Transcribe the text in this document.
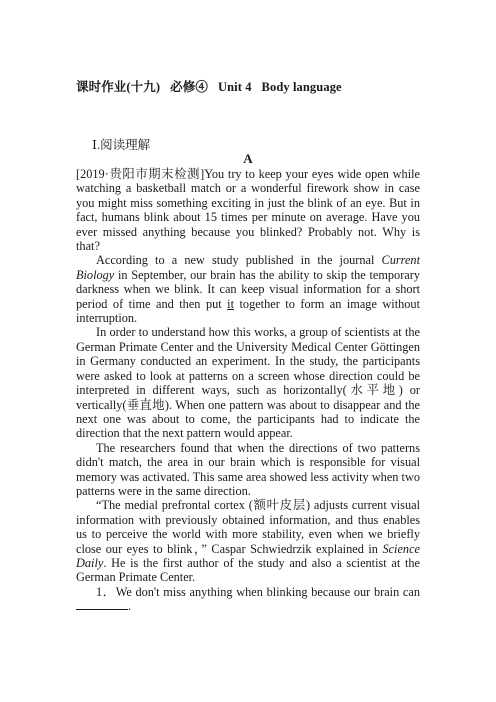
课时作业(十九) 必修④ Unit 4 Body language
Ⅰ.阅读理解
A

[2019·贵阳市期末检测]You try to keep your eyes wide open while watching a basketball match or a wonderful firework show in case you might miss something exciting in just the blink of an eye. But in fact, humans blink about 15 times per minute on average. Have you ever missed anything because you blinked? Probably not. Why is that?

According to a new study published in the journal Current Biology in September, our brain has the ability to skip the temporary darkness when we blink. It can keep visual information for a short period of time and then put it together to form an image without interruption.

In order to understand how this works, a group of scientists at the German Primate Center and the University Medical Center Göttingen in Germany conducted an experiment. In the study, the participants were asked to look at patterns on a screen whose direction could be interpreted in different ways, such as horizontally(水平地) or vertically(垂直地). When one pattern was about to disappear and the next one was about to come, the participants had to indicate the direction that the next pattern would appear.

The researchers found that when the directions of two patterns didn't match, the area in our brain which is responsible for visual memory was activated. This same area showed less activity when two patterns were in the same direction.

“The medial prefrontal cortex (额叶皮层) adjusts current visual information with previously obtained information, and thus enables us to perceive the world with more stability, even when we briefly close our eyes to blink，” Caspar Schwiedrzik explained in Science Daily. He is the first author of the study and also a scientist at the German Primate Center.

1．We don't miss anything when blinking because our brain can .
